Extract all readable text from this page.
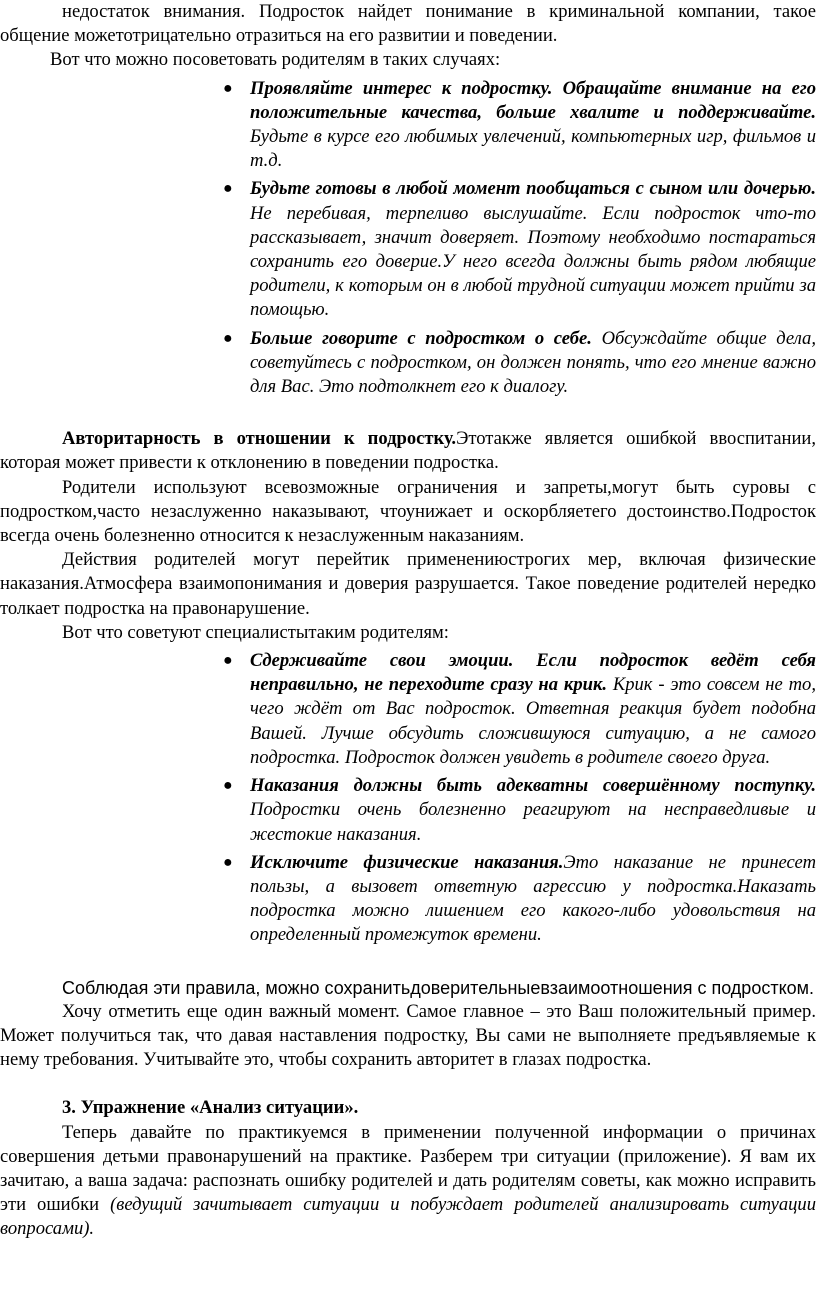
недостаток внимания. Подросток найдет понимание в криминальной компании, такое общение можетотрицательно отразиться на его развитии и поведении.

Вот что можно посоветовать родителям в таких случаях:

● Проявляйте интерес к подростку. Обращайте внимание на его положительные качества, больше хвалите и поддерживайте. Будьте в курсе его любимых увлечений, компьютерных игр, фильмов и т.д.
● Будьте готовы в любой момент пообщаться с сыном или дочерью. Не перебивая, терпеливо выслушайте. Если подросток что-то рассказывает, значит доверяет. Поэтому необходимо постараться сохранить его доверие.У него всегда должны быть рядом любящие родители, к которым он в любой трудной ситуации может прийти за помощью.
● Больше говорите с подростком о себе. Обсуждайте общие дела, советуйтесь с подростком, он должен понять, что его мнение важно для Вас. Это подтолкнет его к диалогу.

Авторитарность в отношении к подростку.Этотакже является ошибкой ввоспитании, которая может привести к отклонению в поведении подростка.

Родители используют всевозможные ограничения и запреты,могут быть суровы с подростком,часто незаслуженно наказывают, чтоунижает и оскорбляетего достоинство.Подросток всегда очень болезненно относится к незаслуженным наказаниям.

Действия родителей могут перейтик применениюстрогих мер, включая физические наказания.Атмосфера взаимопонимания и доверия разрушается. Такое поведение родителей нередко толкает подростка на правонарушение.

Вот что советуют специалистытаким родителям:

● Сдерживайте свои эмоции. Если подросток ведёт себя неправильно, не переходите сразу на крик. Крик - это совсем не то, чего ждёт от Вас подросток. Ответная реакция будет подобна Вашей. Лучше обсудить сложившуюся ситуацию, а не самого подростка. Подросток должен увидеть в родителе своего друга.
● Наказания должны быть адекватны совершённому поступку. Подростки очень болезненно реагируют на несправедливые и жестокие наказания.
● Исключите физические наказания.Это наказание не принесет пользы, а вызовет ответную агрессию у подростка.Наказать подростка можно лишением его какого-либо удовольствия на определенный промежуток времени.

Соблюдая эти правила, можно сохранитьдоверительныевзаимоотношения с подростком.

Хочу отметить еще один важный момент. Самое главное – это Ваш положительный пример. Может получиться так, что давая наставления подростку, Вы сами не выполняете предъявляемые к нему требования. Учитывайте это, чтобы сохранить авторитет в глазах подростка.

3. Упражнение «Анализ ситуации».

Теперь давайте по практикуемся в применении полученной информации о причинах совершения детьми правонарушений на практике. Разберем три ситуации (приложение). Я вам их зачитаю, а ваша задача: распознать ошибку родителей и дать родителям советы, как можно исправить эти ошибки (ведущий зачитывает ситуации и побуждает родителей анализировать ситуации вопросами).
